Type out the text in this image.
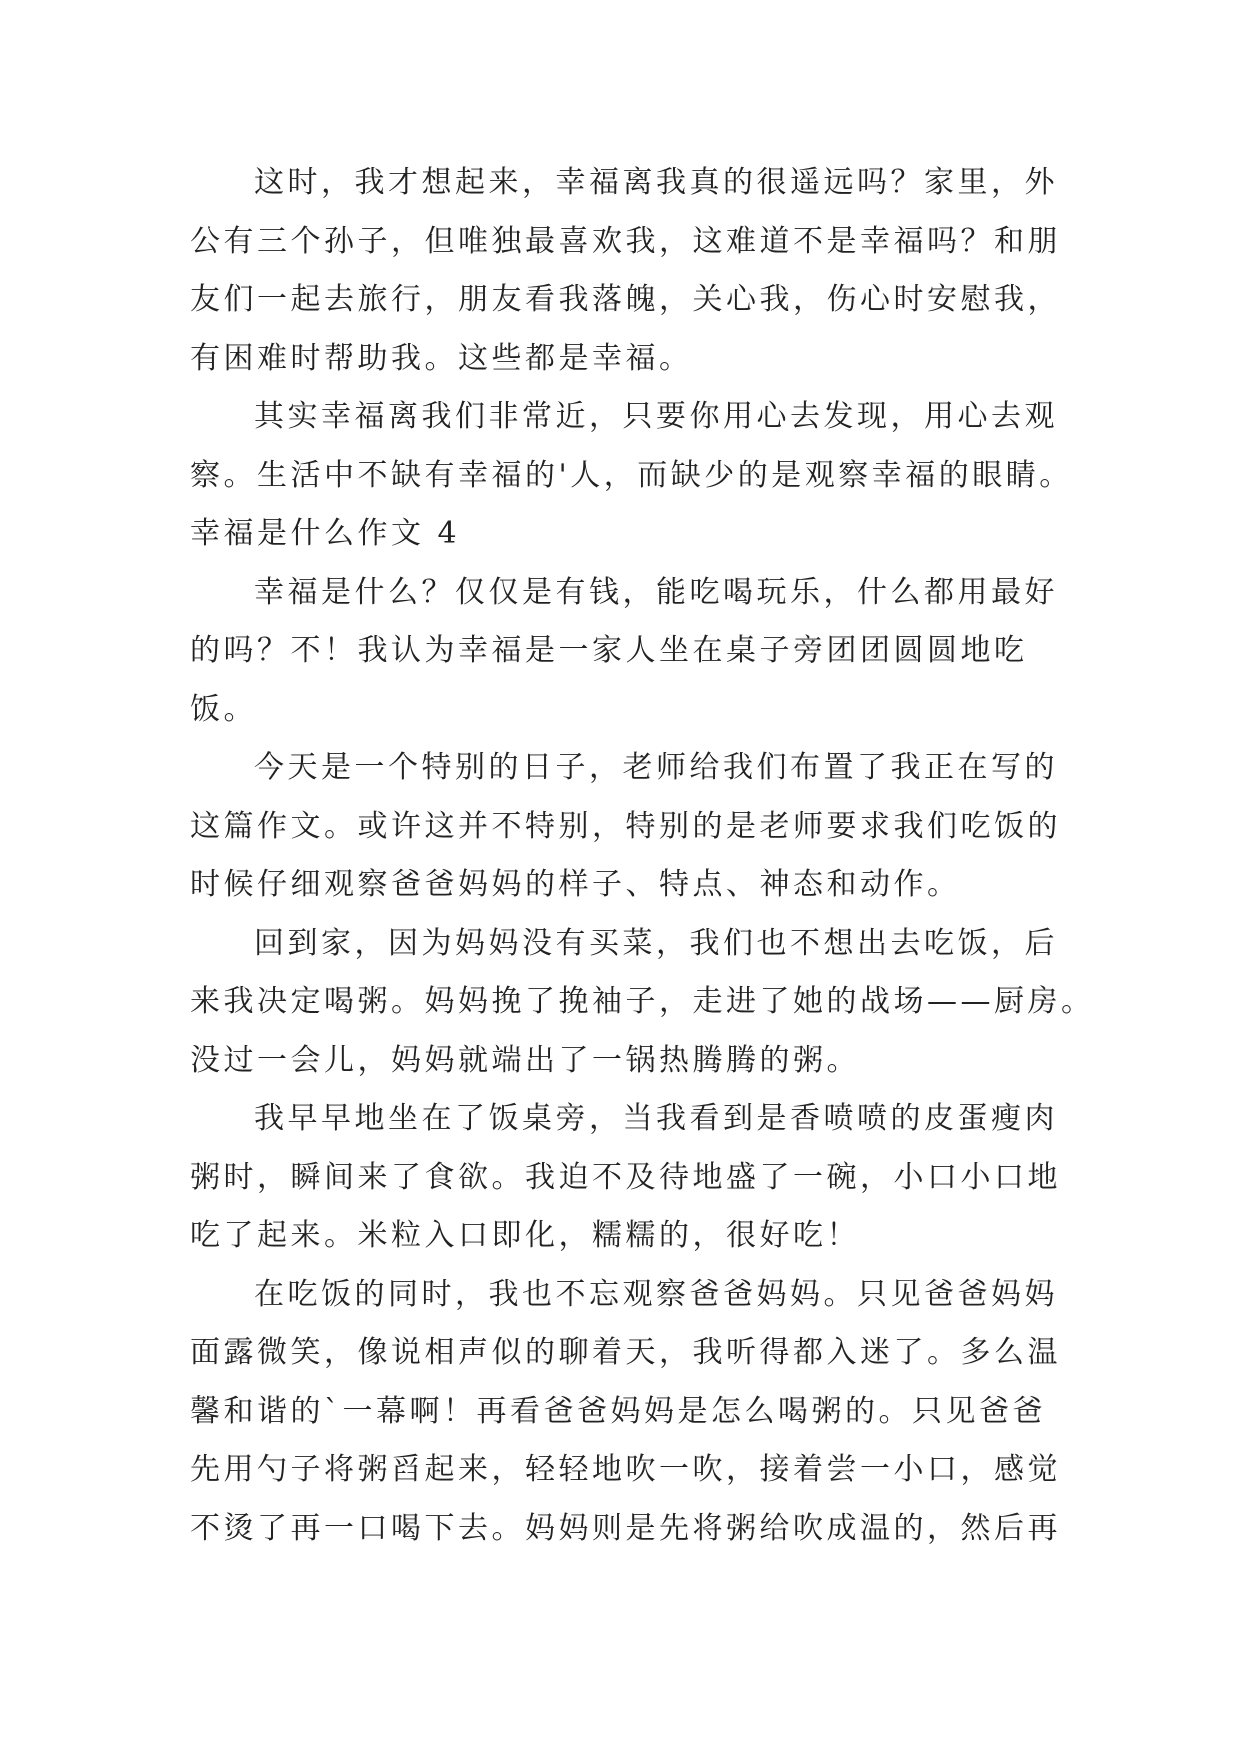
这时，我才想起来，幸福离我真的很遥远吗？家里，外
公有三个孙子，但唯独最喜欢我，这难道不是幸福吗？和朋
友们一起去旅行，朋友看我落魄，关心我，伤心时安慰我，
有困难时帮助我。这些都是幸福。
其实幸福离我们非常近，只要你用心去发现，用心去观
察。生活中不缺有幸福的'人，而缺少的是观察幸福的眼睛。
幸福是什么作文 4
幸福是什么？仅仅是有钱，能吃喝玩乐，什么都用最好
的吗？不！我认为幸福是一家人坐在桌子旁团团圆圆地吃
饭。
今天是一个特别的日子，老师给我们布置了我正在写的
这篇作文。或许这并不特别，特别的是老师要求我们吃饭的
时候仔细观察爸爸妈妈的样子、特点、神态和动作。
回到家，因为妈妈没有买菜，我们也不想出去吃饭，后
来我决定喝粥。妈妈挽了挽袖子，走进了她的战场——厨房。
没过一会儿，妈妈就端出了一锅热腾腾的粥。
我早早地坐在了饭桌旁，当我看到是香喷喷的皮蛋瘦肉
粥时，瞬间来了食欲。我迫不及待地盛了一碗，小口小口地
吃了起来。米粒入口即化，糯糯的，很好吃！
在吃饭的同时，我也不忘观察爸爸妈妈。只见爸爸妈妈
面露微笑，像说相声似的聊着天，我听得都入迷了。多么温
馨和谐的`一幕啊！再看爸爸妈妈是怎么喝粥的。只见爸爸
先用勺子将粥舀起来，轻轻地吹一吹，接着尝一小口，感觉
不烫了再一口喝下去。妈妈则是先将粥给吹成温的，然后再
